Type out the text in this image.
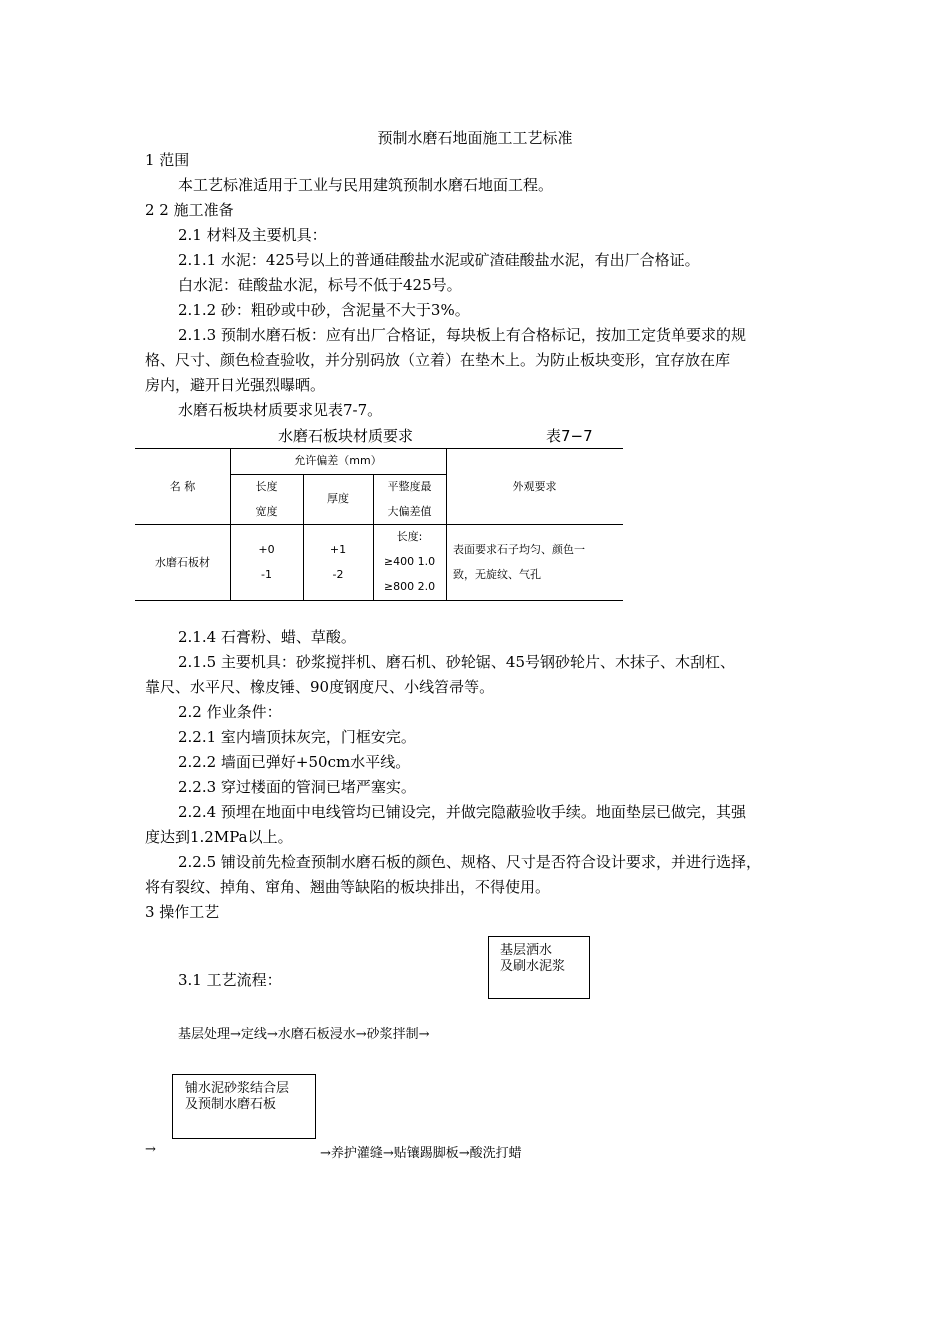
预制水磨石地面施工工艺标准
1 范围
本工艺标准适用于工业与民用建筑预制水磨石地面工程。
2 2 施工准备
2.1 材料及主要机具：
2.1.1 水泥：425号以上的普通硅酸盐水泥或矿渣硅酸盐水泥，有出厂合格证。
白水泥：硅酸盐水泥，标号不低于425号。
2.1.2 砂：粗砂或中砂，含泥量不大于3%。
2.1.3 预制水磨石板：应有出厂合格证，每块板上有合格标记，按加工定货单要求的规
格、尺寸、颜色检查验收，并分别码放（立着）在垫木上。为防止板块变形，宜存放在库
房内，避开日光强烈曝晒。
水磨石板块材质要求见表7-7。
水磨石板块材质要求	表7−7
名 称
允许偏差（mm）
长度
宽度
厚度
平整度最
大偏差值
外观要求
水磨石板材
+0
-1
+1
-2
长度:
≥400 1.0
≥800 2.0
表面要求石子均匀、颜色一
致，无旋纹、气孔
2.1.4 石膏粉、蜡、草酸。
2.1.5 主要机具：砂浆搅拌机、磨石机、砂轮锯、45号钢砂轮片、木抹子、木刮杠、
靠尺、水平尺、橡皮锤、90度钢度尺、小线笤帚等。
2.2 作业条件：
2.2.1 室内墙顶抹灰完，门框安完。
2.2.2 墙面已弹好+50cm水平线。
2.2.3 穿过楼面的管洞已堵严塞实。
2.2.4 预埋在地面中电线管均已铺设完，并做完隐蔽验收手续。地面垫层已做完，其强
度达到1.2MPa以上。
2.2.5 铺设前先检查预制水磨石板的颜色、规格、尺寸是否符合设计要求，并进行选择，
将有裂纹、掉角、窜角、翘曲等缺陷的板块排出，不得使用。
3 操作工艺
基层洒水
及刷水泥浆
3.1 工艺流程：
基层处理→定线→水磨石板浸水→砂浆拌制→
铺水泥砂浆结合层
及预制水磨石板
→	→养护灌缝→贴镶踢脚板→酸洗打蜡
